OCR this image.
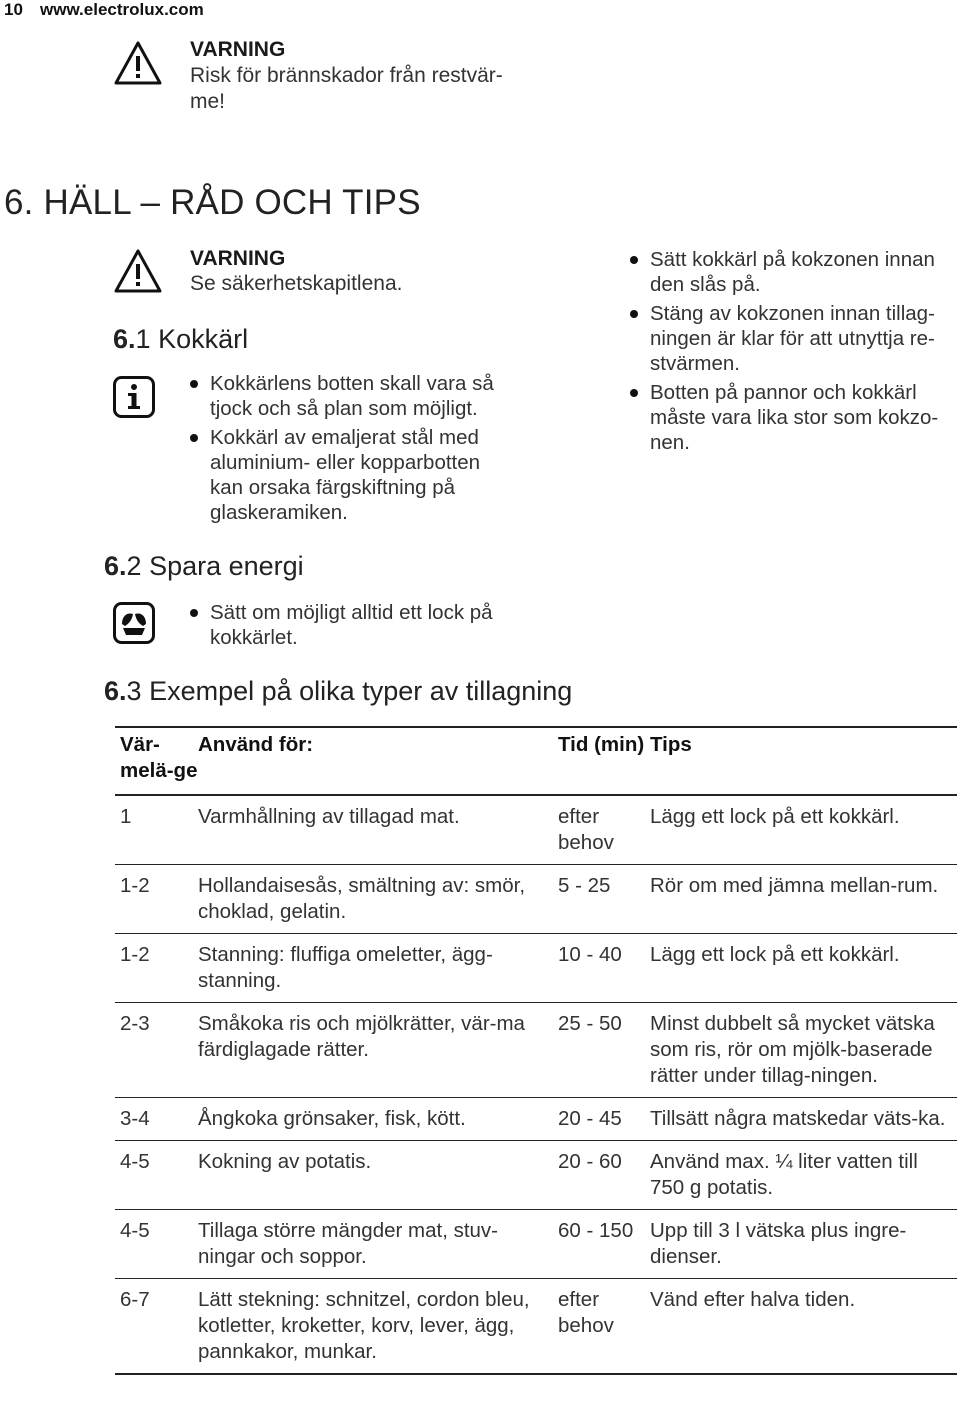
10 www.electrolux.com
VARNING
Risk för brännskador från restvär-me!
6. HÄLL – RÅD OCH TIPS
VARNING
Se säkerhetskapitlena.
6.1 Kokkärl
Kokkärlens botten skall vara så tjock och så plan som möjligt.
Kokkärl av emaljerat stål med aluminium- eller kopparbotten kan orsaka färgskiftning på glaskeramiken.
Sätt kokkärl på kokzonen innan den slås på.
Stäng av kokzonen innan tillag-ningen är klar för att utnyttja re-stvärmen.
Botten på pannor och kokkärl måste vara lika stor som kokzo-nen.
6.2 Spara energi
Sätt om möjligt alltid ett lock på kokkärlet.
6.3 Exempel på olika typer av tillagning
Vär-melä-ge	Använd för:	Tid (min)	Tips
1	Varmhållning av tillagad mat.	efter behov	Lägg ett lock på ett kokkärl.
1-2	Hollandaisesås, smältning av: smör, choklad, gelatin.	5 - 25	Rör om med jämna mellan-rum.
1-2	Stanning: fluffiga omeletter, ägg-stanning.	10 - 40	Lägg ett lock på ett kokkärl.
2-3	Småkoka ris och mjölkrätter, vär-ma färdiglagade rätter.	25 - 50	Minst dubbelt så mycket vätska som ris, rör om mjölk-baserade rätter under tillag-ningen.
3-4	Ångkoka grönsaker, fisk, kött.	20 - 45	Tillsätt några matskedar väts-ka.
4-5	Kokning av potatis.	20 - 60	Använd max. ¼ liter vatten till 750 g potatis.
4-5	Tillaga större mängder mat, stuv-ningar och soppor.	60 - 150	Upp till 3 l vätska plus ingre-dienser.
6-7	Lätt stekning: schnitzel, cordon bleu, kotletter, kroketter, korv, lever, ägg, pannkakor, munkar.	efter behov	Vänd efter halva tiden.
